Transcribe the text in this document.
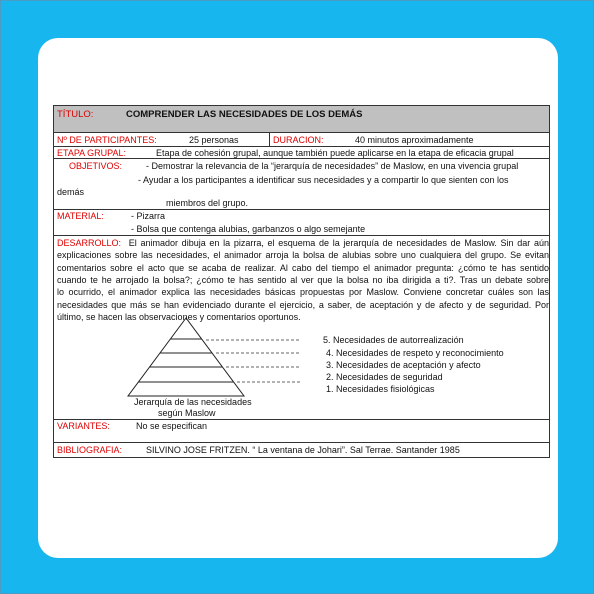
TÍTULO:	COMPRENDER LAS NECESIDADES DE LOS DEMÁS
Nº DE PARTICIPANTES:	25 personas	DURACION:	40 minutos aproximadamente
ETAPA GRUPAL:	Etapa de cohesión grupal, aunque también puede aplicarse en la etapa de eficacia grupal
OBJETIVOS:	- Demostrar la relevancia de la “jerarquía de necesidades” de Maslow, en una vivencia grupal
- Ayudar a los participantes a identificar sus necesidades y a compartir lo que sienten con los
demás
miembros del grupo.
MATERIAL:	- Pizarra
- Bolsa que contenga alubias, garbanzos o algo semejante
DESARROLLO: El animador dibuja en la pizarra, el esquema de la jerarquía de necesidades de Maslow. Sin dar aún
explicaciones sobre las necesidades, el animador arroja la bolsa de alubias sobre uno cualquiera del grupo. Se evitan
comentarios sobre el acto que se acaba de realizar. Al cabo del tiempo el animador pregunta: ¿cómo te has sentido
cuando te he arrojado la bolsa?; ¿cómo te has sentido al ver que la bolsa no iba dirigida a ti?. Tras un debate sobre
lo ocurrido, el animador explica las necesidades básicas propuestas por Maslow. Conviene concretar cuáles son las
necesidades que más se han evidenciado durante el ejercicio, a saber, de aceptación y de afecto y de seguridad. Por
último, se hacen las observaciones y comentarios oportunos.
Jerarquía de las necesidades
según Maslow
5. Necesidades de autorrealización
4. Necesidades de respeto y reconocimiento
3. Necesidades de aceptación y afecto
2. Necesidades de seguridad
1. Necesidades fisiológicas
VARIANTES:	No se especifican
BIBLIOGRAFIA:	SILVINO JOSE FRITZEN. “ La ventana de Johari”. Sal Terrae. Santander 1985
